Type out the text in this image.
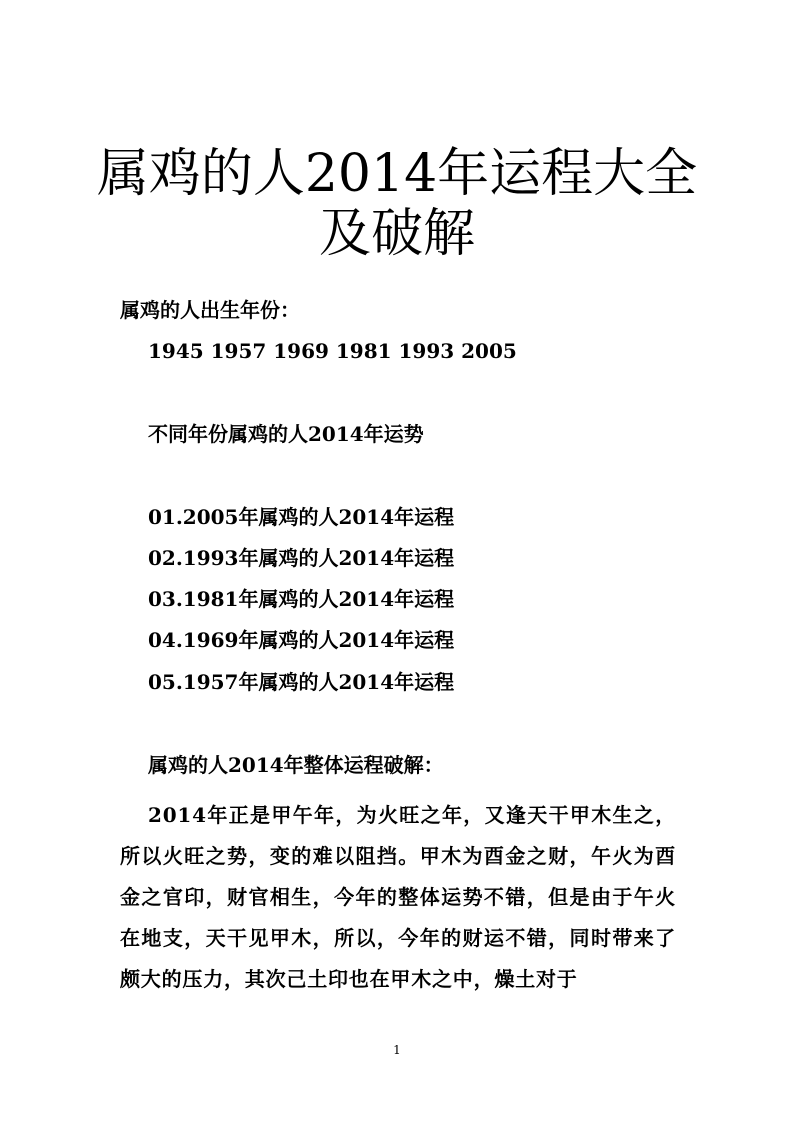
属鸡的人2014年运程大全
及破解
属鸡的人出生年份：
1945 1957 1969 1981 1993 2005
不同年份属鸡的人2014年运势
01.2005年属鸡的人2014年运程
02.1993年属鸡的人2014年运程
03.1981年属鸡的人2014年运程
04.1969年属鸡的人2014年运程
05.1957年属鸡的人2014年运程
属鸡的人2014年整体运程破解：
2014年正是甲午年，为火旺之年，又逢天干甲木生之，所以火旺之势，变的难以阻挡。甲木为酉金之财，午火为酉金之官印，财官相生，今年的整体运势不错，但是由于午火在地支，天干见甲木，所以，今年的财运不错，同时带来了颇大的压力，其次己土印也在甲木之中，燥土对于
1
